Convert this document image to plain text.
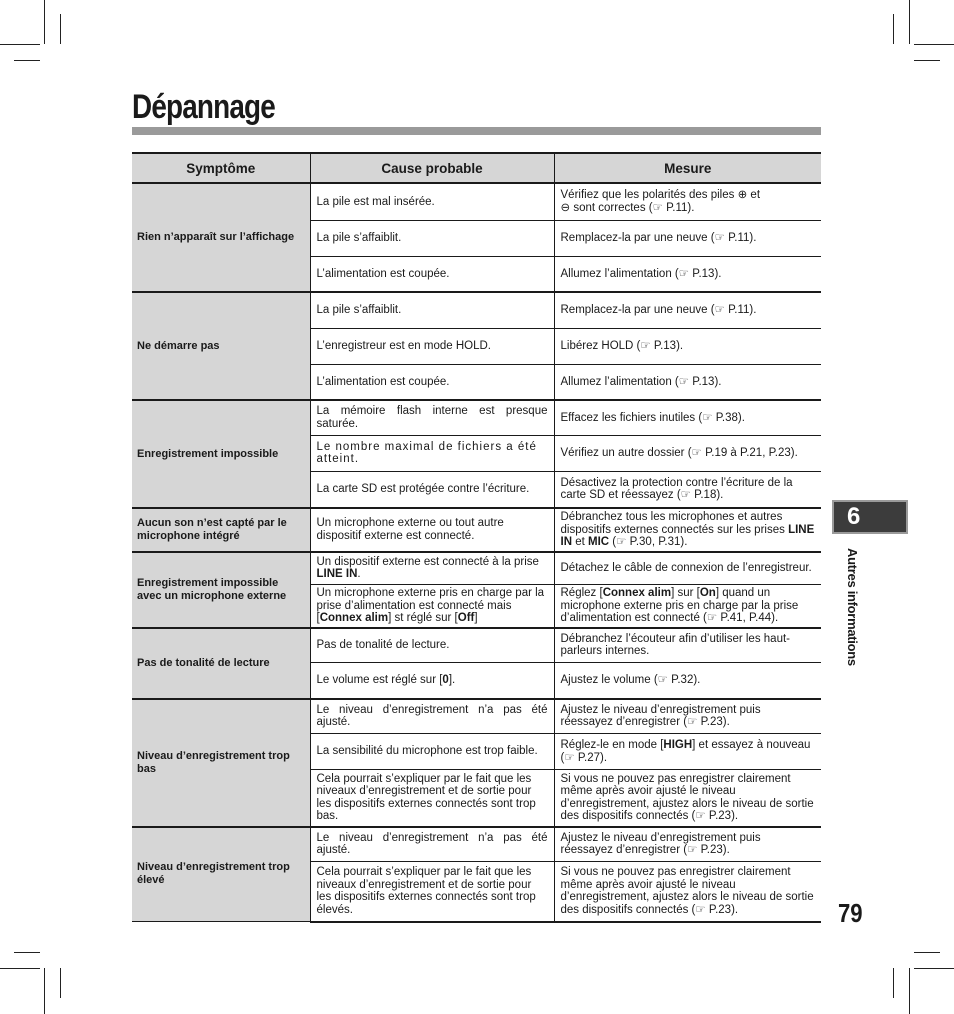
Dépannage
Symptôme	Cause probable	Mesure
Rien n’apparaît sur l’affichage	La pile est mal insérée.	Vérifiez que les polarités des piles ⊕ et
⊖ sont correctes (☞ P.11).
	La pile s’affaiblit.	Remplacez-la par une neuve (☞ P.11).
	L’alimentation est coupée.	Allumez l’alimentation (☞ P.13).
Ne démarre pas	La pile s’affaiblit.	Remplacez-la par une neuve (☞ P.11).
	L’enregistreur est en mode HOLD.	Libérez HOLD (☞ P.13).
	L’alimentation est coupée.	Allumez l’alimentation (☞ P.13).
Enregistrement impossible	La mémoire flash interne est presque saturée.	Effacez les fichiers inutiles (☞ P.38).
	Le nombre maximal de fichiers a été atteint.	Vérifiez un autre dossier (☞ P.19 à P.21, P.23).
	La carte SD est protégée contre l’écriture.	Désactivez la protection contre l’écriture de la carte SD et réessayez (☞ P.18).
Aucun son n’est capté par le microphone intégré	Un microphone externe ou tout autre dispositif externe est connecté.	Débranchez tous les microphones et autres dispositifs externes connectés sur les prises LINE IN et MIC (☞ P.30, P.31).
Enregistrement impossible avec un microphone externe	Un dispositif externe est connecté à la prise LINE IN.	Détachez le câble de connexion de l’enregistreur.
	Un microphone externe pris en charge par la prise d’alimentation est connecté mais [Connex alim] st réglé sur [Off]	Réglez [Connex alim] sur [On] quand un microphone externe pris en charge par la prise d’alimentation est connecté (☞ P.41, P.44).
Pas de tonalité de lecture	Pas de tonalité de lecture.	Débranchez l’écouteur afin d’utiliser les haut-parleurs internes.
	Le volume est réglé sur [0].	Ajustez le volume (☞ P.32).
Niveau d’enregistrement trop bas	Le niveau d’enregistrement n’a pas été ajusté.	Ajustez le niveau d’enregistrement puis réessayez d’enregistrer (☞ P.23).
	La sensibilité du microphone est trop faible.	Réglez-le en mode [HIGH] et essayez à nouveau (☞ P.27).
	Cela pourrait s’expliquer par le fait que les niveaux d’enregistrement et de sortie pour les dispositifs externes connectés sont trop bas.	Si vous ne pouvez pas enregistrer clairement même après avoir ajusté le niveau d’enregistrement, ajustez alors le niveau de sortie des dispositifs connectés (☞ P.23).
Niveau d’enregistrement trop élevé	Le niveau d’enregistrement n’a pas été ajusté.	Ajustez le niveau d’enregistrement puis réessayez d’enregistrer (☞ P.23).
	Cela pourrait s’expliquer par le fait que les niveaux d’enregistrement et de sortie pour les dispositifs externes connectés sont trop élevés.	Si vous ne pouvez pas enregistrer clairement même après avoir ajusté le niveau d’enregistrement, ajustez alors le niveau de sortie des dispositifs connectés (☞ P.23).
6
Autres informations
79
